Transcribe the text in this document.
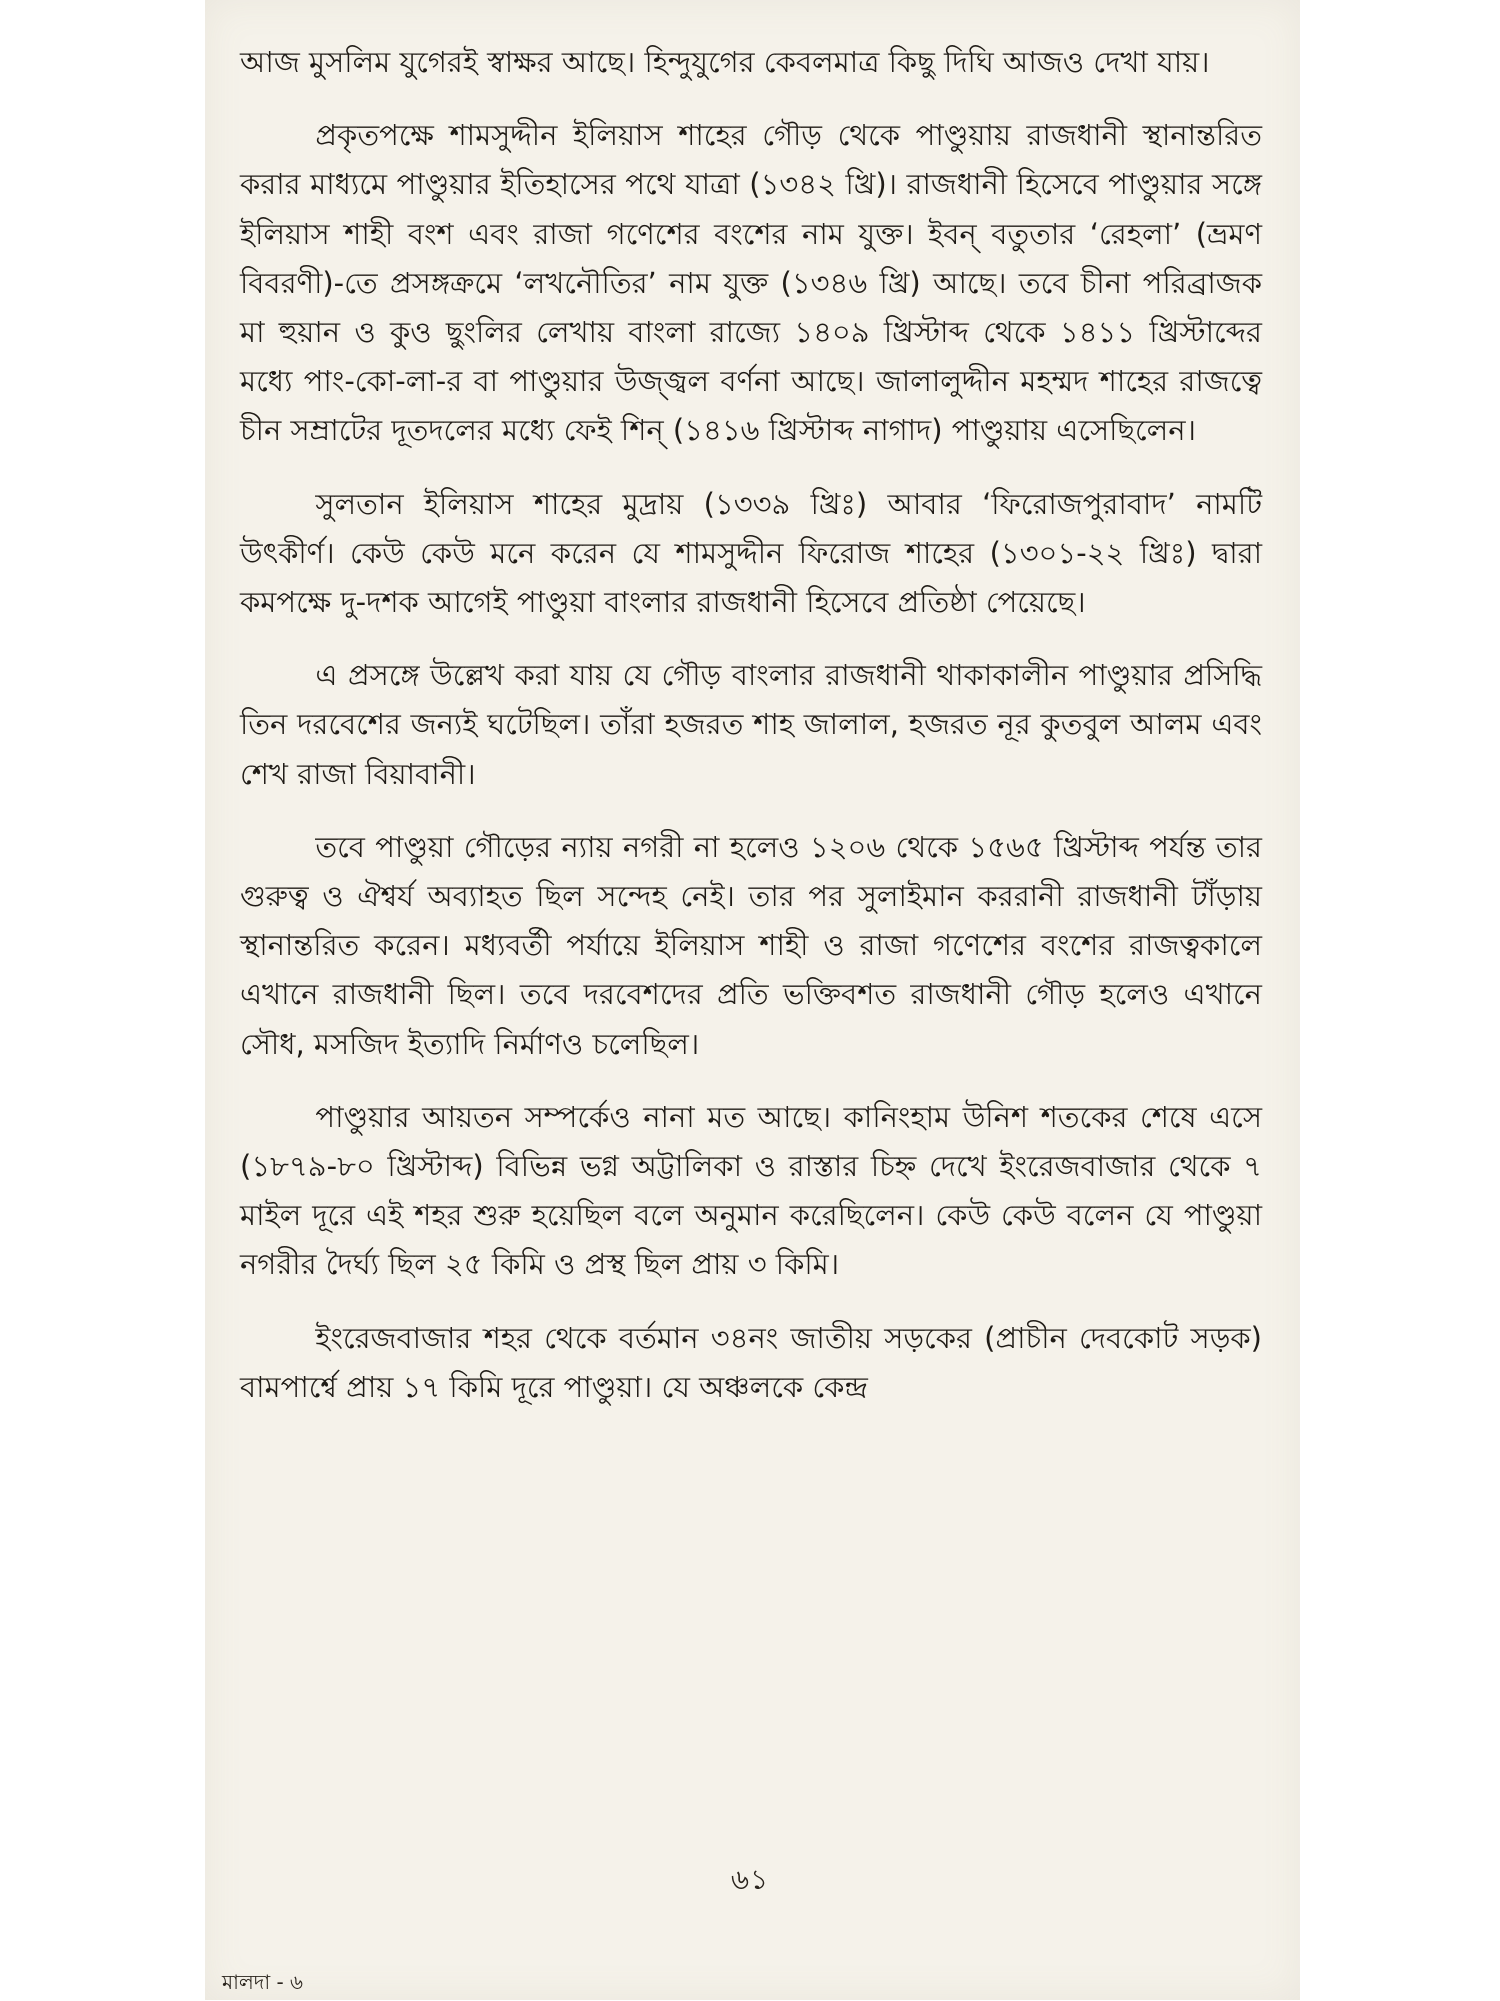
আজ মুসলিম যুগেরই স্বাক্ষর আছে। হিন্দুযুগের কেবলমাত্র কিছু দিঘি আজও দেখা যায়।

প্রকৃতপক্ষে শামসুদ্দীন ইলিয়াস শাহের গৌড় থেকে পাণ্ডুয়ায় রাজধানী স্থানান্তরিত করার মাধ্যমে পাণ্ডুয়ার ইতিহাসের পথে যাত্রা (১৩৪২ খ্রি)। রাজধানী হিসেবে পাণ্ডুয়ার সঙ্গে ইলিয়াস শাহী বংশ এবং রাজা গণেশের বংশের নাম যুক্ত। ইবন্‌ বতুতার ‘রেহলা’ (ভ্রমণ বিবরণী)-তে প্রসঙ্গক্রমে ‘লখনৌতির’ নাম যুক্ত (১৩৪৬ খ্রি) আছে। তবে চীনা পরিব্রাজক মা হুয়ান ও কুও ছুংলির লেখায় বাংলা রাজ্যে ১৪০৯ খ্রিস্টাব্দ থেকে ১৪১১ খ্রিস্টাব্দের মধ্যে পাং-কো-লা-র বা পাণ্ডুয়ার উজ্জ্বল বর্ণনা আছে। জালালুদ্দীন মহম্মদ শাহের রাজত্বে চীন সম্রাটের দূতদলের মধ্যে ফেই শিন্‌ (১৪১৬ খ্রিস্টাব্দ নাগাদ) পাণ্ডুয়ায় এসেছিলেন।

সুলতান ইলিয়াস শাহের মুদ্রায় (১৩৩৯ খ্রিঃ) আবার ‘ফিরোজপুরাবাদ’ নামটি উৎকীর্ণ। কেউ কেউ মনে করেন যে শামসুদ্দীন ফিরোজ শাহের (১৩০১-২২ খ্রিঃ) দ্বারা কমপক্ষে দু-দশক আগেই পাণ্ডুয়া বাংলার রাজধানী হিসেবে প্রতিষ্ঠা পেয়েছে।

এ প্রসঙ্গে উল্লেখ করা যায় যে গৌড় বাংলার রাজধানী থাকাকালীন পাণ্ডুয়ার প্রসিদ্ধি তিন দরবেশের জন্যই ঘটেছিল। তাঁরা হজরত শাহ জালাল, হজরত নূর কুতবুল আলম এবং শেখ রাজা বিয়াবানী।

তবে পাণ্ডুয়া গৌড়ের ন্যায় নগরী না হলেও ১২০৬ থেকে ১৫৬৫ খ্রিস্টাব্দ পর্যন্ত তার গুরুত্ব ও ঐশ্বর্য অব্যাহত ছিল সন্দেহ নেই। তার পর সুলাইমান কররানী রাজধানী টাঁড়ায় স্থানান্তরিত করেন। মধ্যবর্তী পর্যায়ে ইলিয়াস শাহী ও রাজা গণেশের বংশের রাজত্বকালে এখানে রাজধানী ছিল। তবে দরবেশদের প্রতি ভক্তিবশত রাজধানী গৌড় হলেও এখানে সৌধ, মসজিদ ইত্যাদি নির্মাণও চলেছিল।

পাণ্ডুয়ার আয়তন সম্পর্কেও নানা মত আছে। কানিংহাম উনিশ শতকের শেষে এসে (১৮৭৯-৮০ খ্রিস্টাব্দ) বিভিন্ন ভগ্ন অট্টালিকা ও রাস্তার চিহ্ন দেখে ইংরেজবাজার থেকে ৭ মাইল দূরে এই শহর শুরু হয়েছিল বলে অনুমান করেছিলেন। কেউ কেউ বলেন যে পাণ্ডুয়া নগরীর দৈর্ঘ্য ছিল ২৫ কিমি ও প্রস্থ ছিল প্রায় ৩ কিমি।

ইংরেজবাজার শহর থেকে বর্তমান ৩৪নং জাতীয় সড়কের (প্রাচীন দেবকোট সড়ক) বামপার্শ্বে প্রায় ১৭ কিমি দূরে পাণ্ডুয়া। যে অঞ্চলকে কেন্দ্র

৬১
মালদা - ৬
